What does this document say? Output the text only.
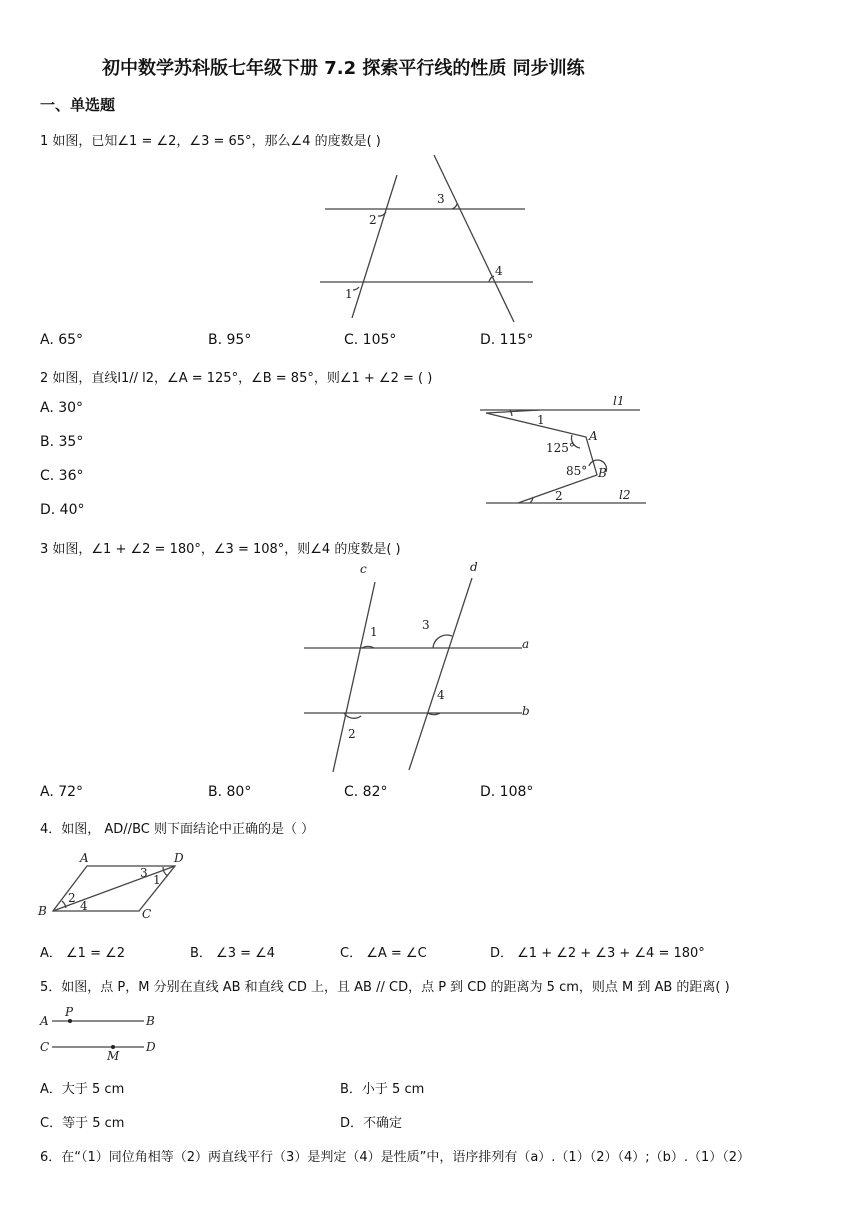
初中数学苏科版七年级下册 7.2 探索平行线的性质 同步训练
一、单选题
1 如图，已知∠1 = ∠2，∠3 = 65°，那么∠4 的度数是( )
2
3
4
1
A. 65°	B. 95°	C. 105°	D. 115°
2 如图，直线l1// l2，∠A = 125°，∠B = 85°，则∠1 + ∠2 = ( )
A. 30°
B. 35°
C. 36°
D. 40°
l1
1
A
125°
85° B
2	l2
3 如图，∠1 + ∠2 = 180°，∠3 = 108°，则∠4 的度数是( )
c	d
1	3
a
4
b
2
A. 72°	B. 80°	C. 82°	D. 108°
4．如图， AD//BC 则下面结论中正确的是（ ）
A	D
B	C
1
2
3
4
A． ∠1 = ∠2	B． ∠3 = ∠4	C． ∠A = ∠C	D． ∠1 + ∠2 + ∠3 + ∠4 = 180°
5．如图，点 P，M 分别在直线 AB 和直线 CD 上，且 AB // CD，点 P 到 CD 的距离为 5 cm，则点 M 到 AB 的距离( )
A
P
B
C
M
D
A．大于 5 cm	B．小于 5 cm
C．等于 5 cm	D．不确定
6．在“（1）同位角相等（2）两直线平行（3）是判定（4）是性质”中，语序排列有（a）.（1）（2）（4）;（b）.（1）（2）
